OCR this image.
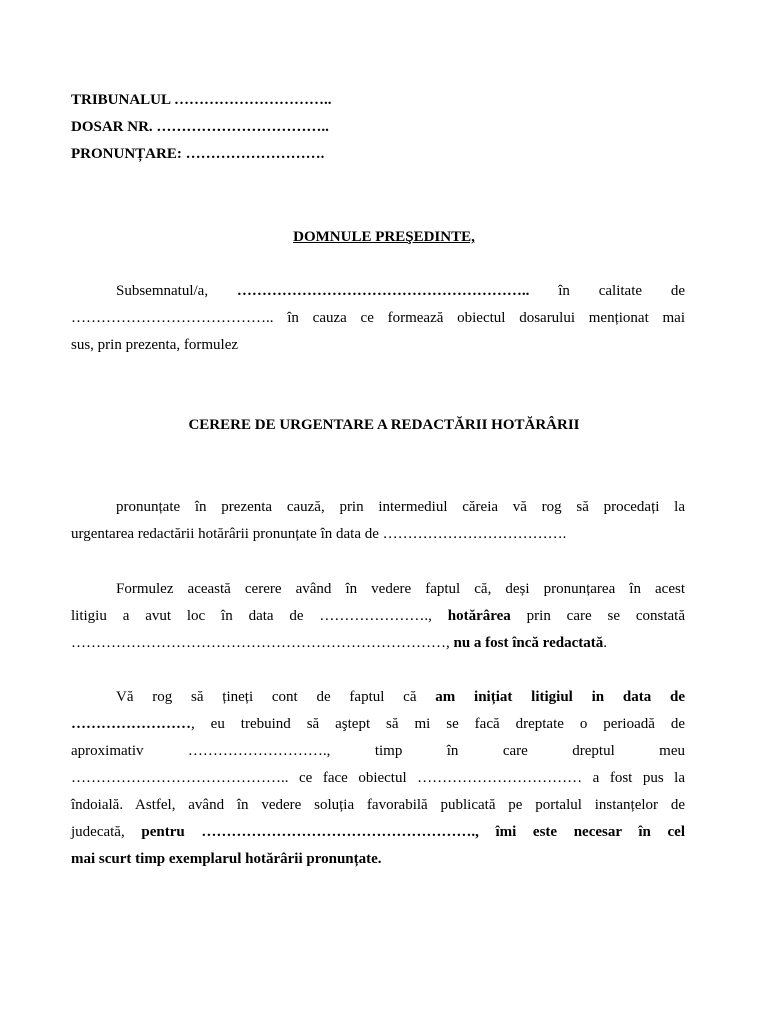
TRIBUNALUL …………………………..
DOSAR NR. ……………………………..
PRONUNȚARE: ……………………….
DOMNULE PREŞEDINTE,
Subsemnatul/a, ………………………………………………….. în calitate de
………………………………….. în cauza ce formează obiectul dosarului menționat mai
sus, prin prezenta, formulez
CERERE DE URGENTARE A REDACTĂRII HOTĂRÂRII
pronunțate în prezenta cauză, prin intermediul căreia vă rog să procedați la
urgentarea redactării hotărârii pronunțate în data de ……………………………….
Formulez această cerere având în vedere faptul că, deși pronunțarea în acest
litigiu a avut loc în data de …………………., hotărârea prin care se constată
…………………………………………………………………, nu a fost încă redactată.
Vă rog să țineți cont de faptul că am inițiat litigiul in data de
……………………, eu trebuind să aştept să mi se facă dreptate o perioadă de
aproximativ ………………………., timp în care dreptul meu
…………………………………….. ce face obiectul …………………………… a fost pus la
îndoială. Astfel, având în vedere soluția favorabilă publicată pe portalul instanțelor de
judecată, pentru ………………………………………………., îmi este necesar în cel
mai scurt timp exemplarul hotărârii pronunțate.
